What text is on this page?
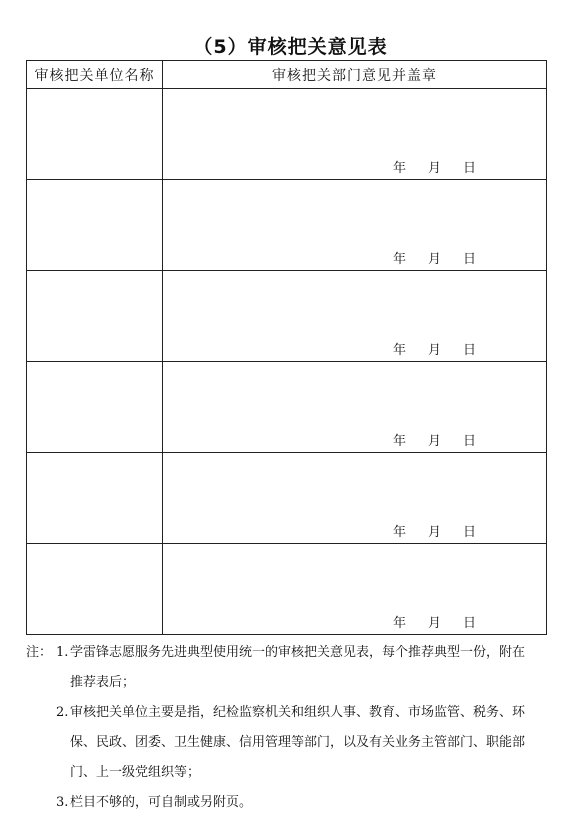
（5）审核把关意见表
审核把关单位名称	审核把关部门意见并盖章

	年 月 日

	年 月 日

	年 月 日

	年 月 日

	年 月 日

	年 月 日
注： 1. 学雷锋志愿服务先进典型使用统一的审核把关意见表，每个推荐典型一份，附在
推荐表后；
2. 审核把关单位主要是指，纪检监察机关和组织人事、教育、市场监管、税务、环
保、民政、团委、卫生健康、信用管理等部门，以及有关业务主管部门、职能部
门、上一级党组织等；
3. 栏目不够的，可自制或另附页。
